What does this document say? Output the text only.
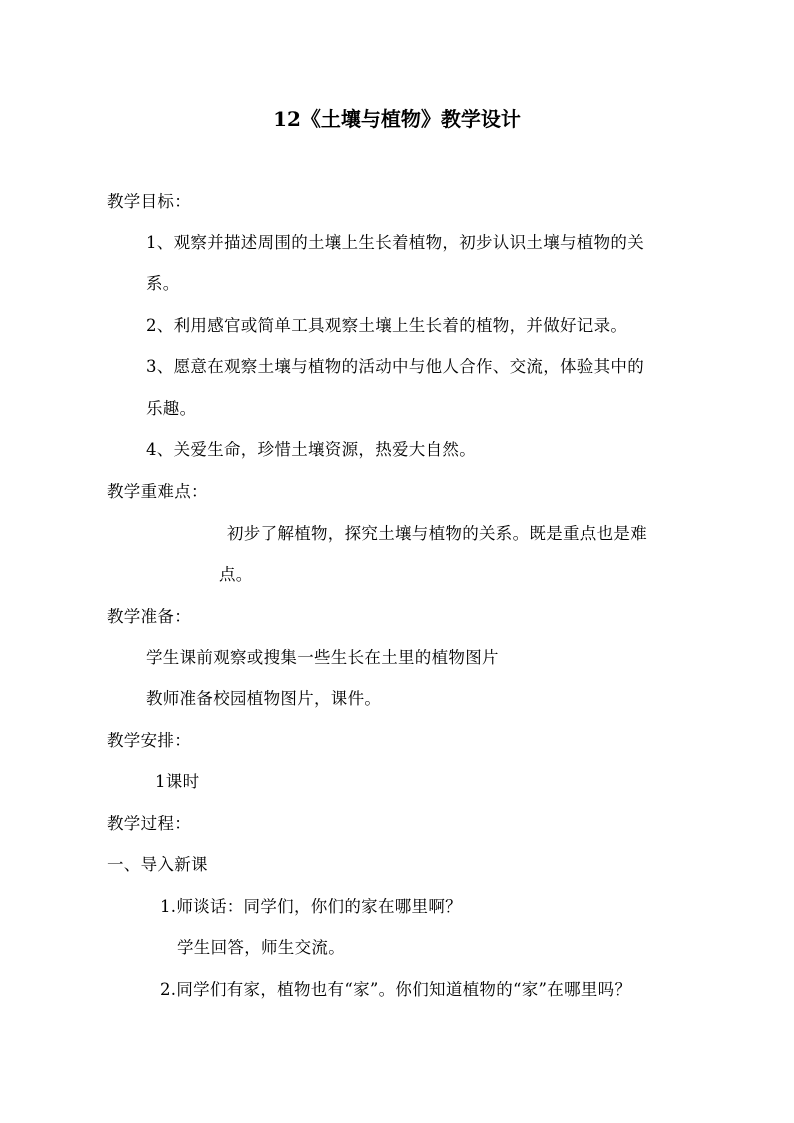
12《土壤与植物》教学设计
教学目标：
1、观察并描述周围的土壤上生长着植物，初步认识土壤与植物的关
系。
2、利用感官或简单工具观察土壤上生长着的植物，并做好记录。
3、愿意在观察土壤与植物的活动中与他人合作、交流，体验其中的
乐趣。
4、关爱生命，珍惜土壤资源，热爱大自然。
教学重难点：
初步了解植物，探究土壤与植物的关系。既是重点也是难
点。
教学准备：
学生课前观察或搜集一些生长在土里的植物图片
教师准备校园植物图片，课件。
教学安排：
1课时
教学过程：
一、导入新课
1.师谈话：同学们，你们的家在哪里啊？
学生回答，师生交流。
2.同学们有家，植物也有“家”。你们知道植物的“家”在哪里吗？
